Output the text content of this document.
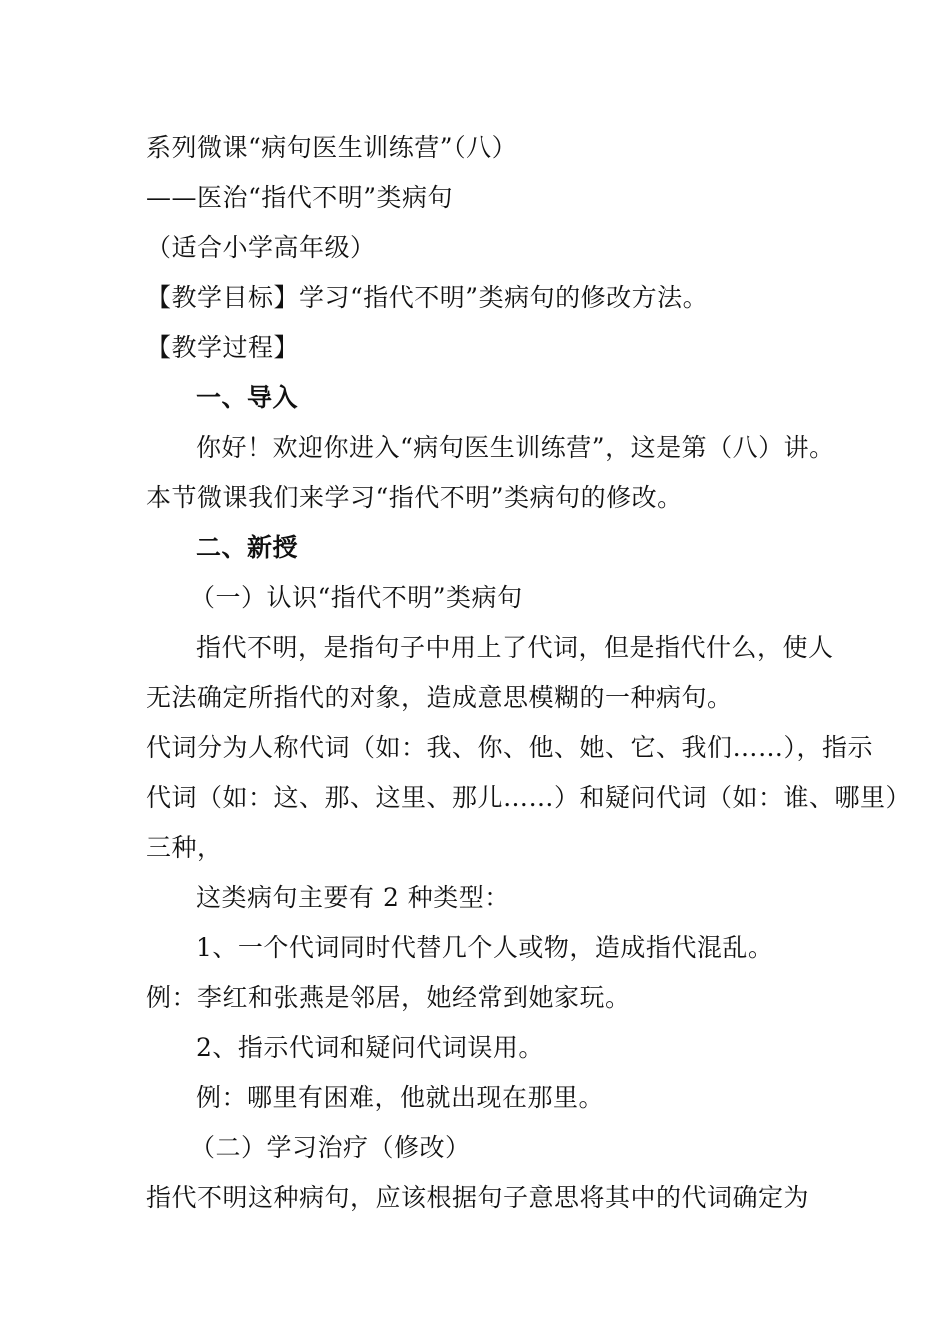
系列微课“病句医生训练营”（八）
——医治“指代不明”类病句
（适合小学高年级）
【教学目标】学习“指代不明”类病句的修改方法。
【教学过程】
一、导入
你好！欢迎你进入“病句医生训练营”，这是第（八）讲。
本节微课我们来学习“指代不明”类病句的修改。
二、新授
（一）认识“指代不明”类病句
指代不明，是指句子中用上了代词，但是指代什么，使人
无法确定所指代的对象，造成意思模糊的一种病句。
代词分为人称代词（如：我、你、他、她、它、我们……），指示
代词（如：这、那、这里、那儿……）和疑问代词（如：谁、哪里）
三种，
这类病句主要有 2 种类型：
1、一个代词同时代替几个人或物，造成指代混乱。
例：李红和张燕是邻居，她经常到她家玩。
2、指示代词和疑问代词误用。
例：哪里有困难，他就出现在那里。
（二）学习治疗（修改）
指代不明这种病句，应该根据句子意思将其中的代词确定为
